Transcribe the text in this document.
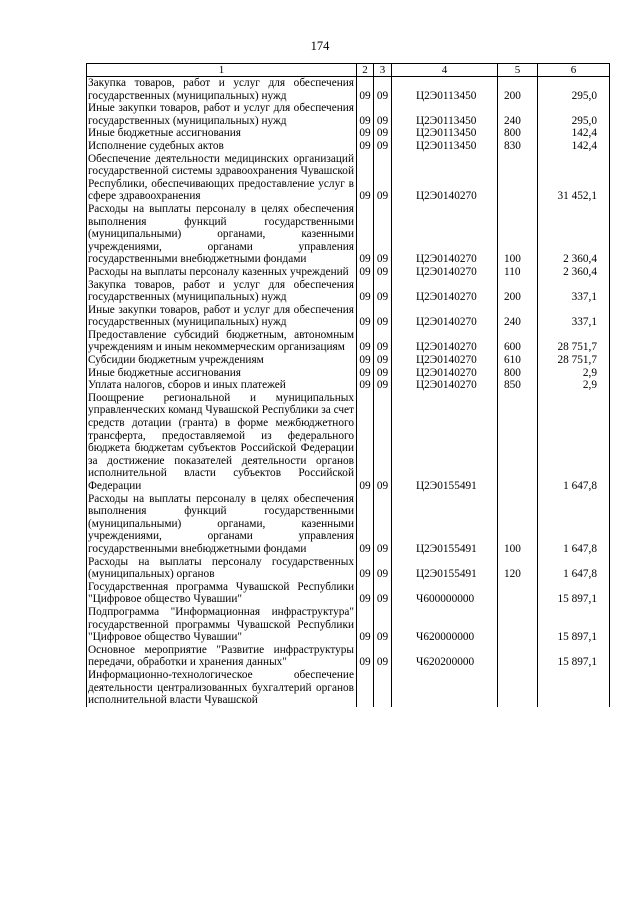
174
1	2	3	4	5	6
Закупка товаров, работ и услуг для обеспечения государственных (муниципальных) нужд	09	09	Ц2Э0113450	200	295,0
Иные закупки товаров, работ и услуг для обеспечения государственных (муниципальных) нужд	09	09	Ц2Э0113450	240	295,0
Иные бюджетные ассигнования	09	09	Ц2Э0113450	800	142,4
Исполнение судебных актов	09	09	Ц2Э0113450	830	142,4
Обеспечение деятельности медицинских организаций государственной системы здравоохранения Чувашской Республики, обеспечивающих предоставление услуг в сфере здравоохранения	09	09	Ц2Э0140270		31 452,1
Расходы на выплаты персоналу в целях обеспечения выполнения функций государственными (муниципальными) органами, казенными учреждениями, органами управления государственными внебюджетными фондами	09	09	Ц2Э0140270	100	2 360,4
Расходы на выплаты персоналу казенных учреждений	09	09	Ц2Э0140270	110	2 360,4
Закупка товаров, работ и услуг для обеспечения государственных (муниципальных) нужд	09	09	Ц2Э0140270	200	337,1
Иные закупки товаров, работ и услуг для обеспечения государственных (муниципальных) нужд	09	09	Ц2Э0140270	240	337,1
Предоставление субсидий бюджетным, автономным учреждениям и иным некоммерческим организациям	09	09	Ц2Э0140270	600	28 751,7
Субсидии бюджетным учреждениям	09	09	Ц2Э0140270	610	28 751,7
Иные бюджетные ассигнования	09	09	Ц2Э0140270	800	2,9
Уплата налогов, сборов и иных платежей	09	09	Ц2Э0140270	850	2,9
Поощрение региональной и муниципальных управленческих команд Чувашской Республики за счет средств дотации (гранта) в форме межбюджетного трансферта, предоставляемой из федерального бюджета бюджетам субъектов Российской Федерации за достижение показателей деятельности органов исполнительной власти субъектов Российской Федерации	09	09	Ц2Э0155491		1 647,8
Расходы на выплаты персоналу в целях обеспечения выполнения функций государственными (муниципальными) органами, казенными учреждениями, органами управления государственными внебюджетными фондами	09	09	Ц2Э0155491	100	1 647,8
Расходы на выплаты персоналу государственных (муниципальных) органов	09	09	Ц2Э0155491	120	1 647,8
Государственная программа Чувашской Республики "Цифровое общество Чувашии"	09	09	Ч600000000		15 897,1
Подпрограмма "Информационная инфраструктура" государственной программы Чувашской Республики "Цифровое общество Чувашии"	09	09	Ч620000000		15 897,1
Основное мероприятие "Развитие инфраструктуры передачи, обработки и хранения данных"	09	09	Ч620200000		15 897,1
Информационно-технологическое обеспечение деятельности централизованных бухгалтерий органов исполнительной власти Чувашской					
